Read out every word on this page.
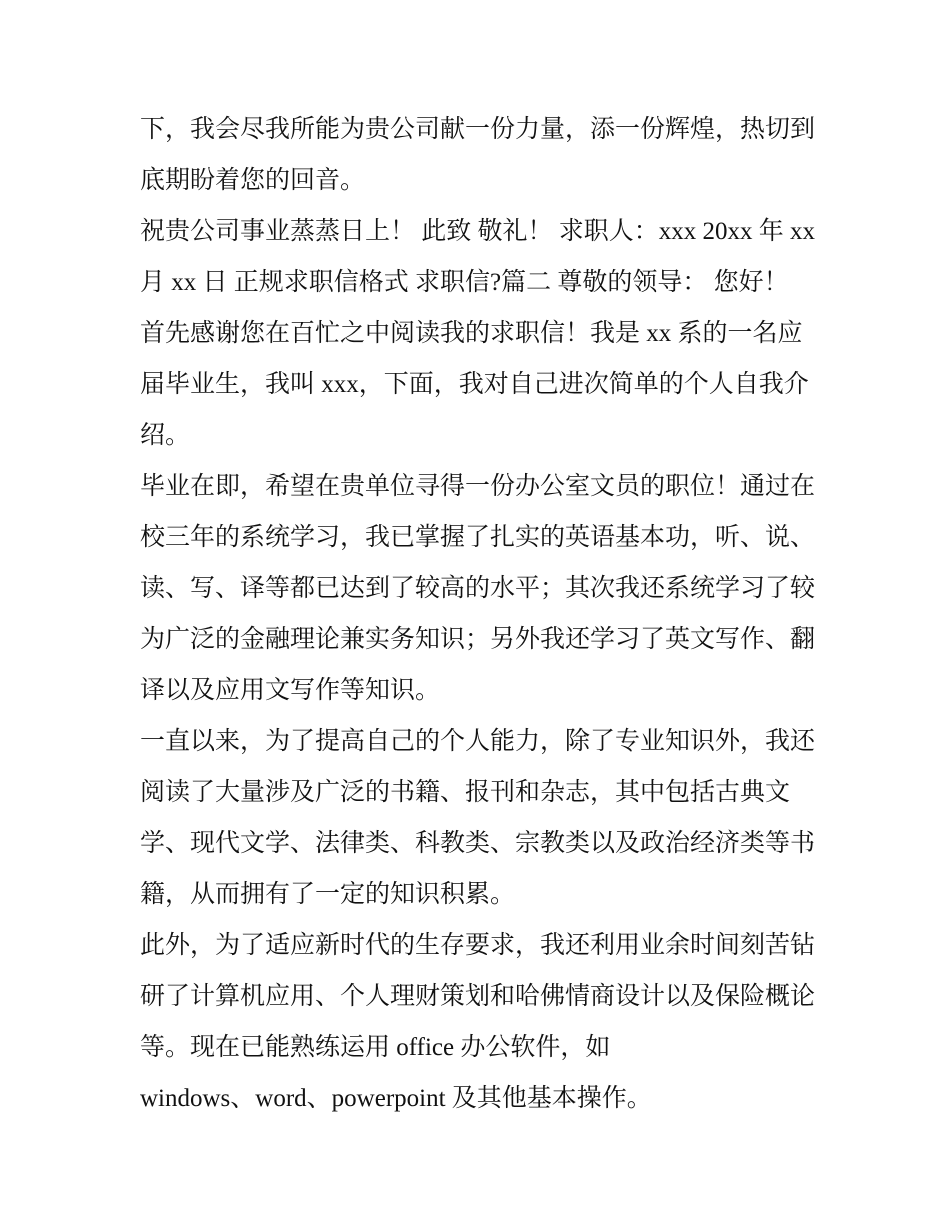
下，我会尽我所能为贵公司献一份力量，添一份辉煌，热切到
底期盼着您的回音。
祝贵公司事业蒸蒸日上！ 此致 敬礼！ 求职人：xxx 20xx 年 xx
月 xx 日 正规求职信格式 求职信?篇二 尊敬的领导： 您好！
首先感谢您在百忙之中阅读我的求职信！我是 xx 系的一名应
届毕业生，我叫 xxx，下面，我对自己进次简单的个人自我介
绍。
毕业在即，希望在贵单位寻得一份办公室文员的职位！通过在
校三年的系统学习，我已掌握了扎实的英语基本功，听、说、
读、写、译等都已达到了较高的水平；其次我还系统学习了较
为广泛的金融理论兼实务知识；另外我还学习了英文写作、翻
译以及应用文写作等知识。
一直以来，为了提高自己的个人能力，除了专业知识外，我还
阅读了大量涉及广泛的书籍、报刊和杂志，其中包括古典文
学、现代文学、法律类、科教类、宗教类以及政治经济类等书
籍，从而拥有了一定的知识积累。
此外，为了适应新时代的生存要求，我还利用业余时间刻苦钻
研了计算机应用、个人理财策划和哈佛情商设计以及保险概论
等。现在已能熟练运用 office 办公软件，如
windows、word、powerpoint 及其他基本操作。
